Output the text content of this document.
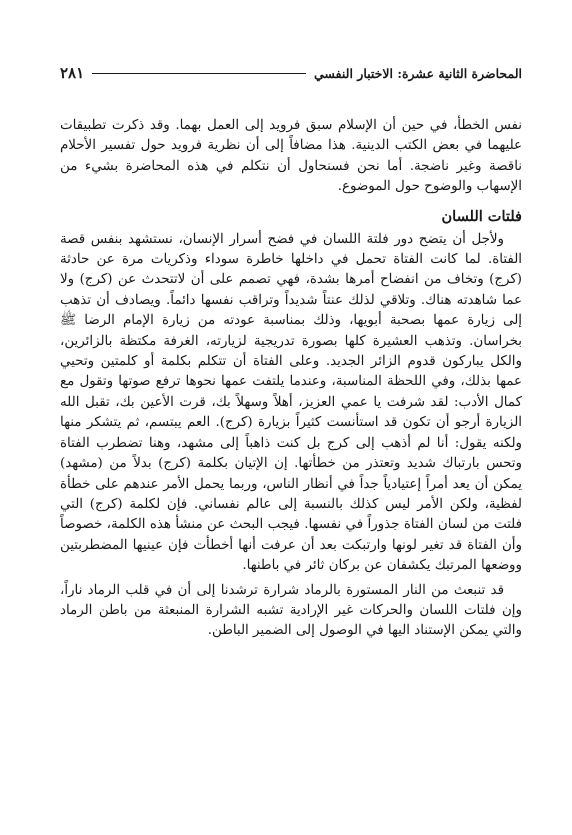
المحاضرة الثانية عشرة: الاختبار النفسي
٢٨١

نفس الخطأ، في حين أن الإسلام سبق فرويد إلى العمل بهما. وقد ذكرت تطبيقات عليهما في بعض الكتب الدينية. هذا مضافاً إلى أن نظرية فرويد حول تفسير الأحلام ناقصة وغير ناضجة. أما نحن فسنحاول أن نتكلم في هذه المحاضرة بشيء من الإسهاب والوضوح حول الموضوع.

فلتات اللسان

ولأجل أن يتضح دور فلتة اللسان في فضح أسرار الإنسان، نستشهد بنفس قصة الفتاة. لما كانت الفتاة تحمل في داخلها خاطرة سوداء وذكريات مرة عن حادثة (كرج) وتخاف من انفضاح أمرها بشدة، فهي تصمم على أن لاتتحدث عن (كرج) ولا عما شاهدته هناك. وتلاقي لذلك عنتاً شديداً وتراقب نفسها دائماً. ويصادف أن تذهب إلى زيارة عمها بصحبة أبويها، وذلك بمناسبة عودته من زيارة الإمام الرضا ﷺ بخراسان. وتذهب العشيرة كلها بصورة تدريجية لزيارته، الغرفة مكتظة بالزائرين، والكل يباركون قدوم الزائر الجديد. وعلى الفتاة أن تتكلم بكلمة أو كلمتين وتحيي عمها بذلك، وفي اللحظة المناسبة، وعندما يلتفت عمها نحوها ترفع صوتها وتقول مع كمال الأدب: لقد شرفت يا عمي العزيز، أهلاً وسهلاً بك، قرت الأعين بك، تقبل الله الزيارة أرجو أن تكون قد استأنست كثيراً بزيارة (كرج). العم يبتسم، ثم يتشكر منها ولكنه يقول: أنا لم أذهب إلى كرج بل كنت ذاهباً إلى مشهد، وهنا تضطرب الفتاة وتحس بارتباك شديد وتعتذر من خطأتها. إن الإتيان بكلمة (كرج) بدلاً من (مشهد) يمكن أن يعد أمراً إعتيادياً جداً في أنظار الناس، وربما يحمل الأمر عندهم على خطأة لفظية، ولكن الأمر ليس كذلك بالنسبة إلى عالم نفساني. فإن لكلمة (كرج) التي فلتت من لسان الفتاة جذوراً في نفسها. فيجب البحث عن منشأ هذه الكلمة، خصوصاً وأن الفتاة قد تغير لونها وارتبكت بعد أن عرفت أنها أخطأت فإن عينيها المضطربتين ووضعها المرتبك يكشفان عن بركان ثائر في باطنها.

قد تنبعث من النار المستورة بالرماد شرارة ترشدنا إلى أن في قلب الرماد ناراً، وإن فلتات اللسان والحركات غير الإرادية تشبه الشرارة المنبعثة من باطن الرماد والتي يمكن الإستناد اليها في الوصول إلى الضمير الباطن.
